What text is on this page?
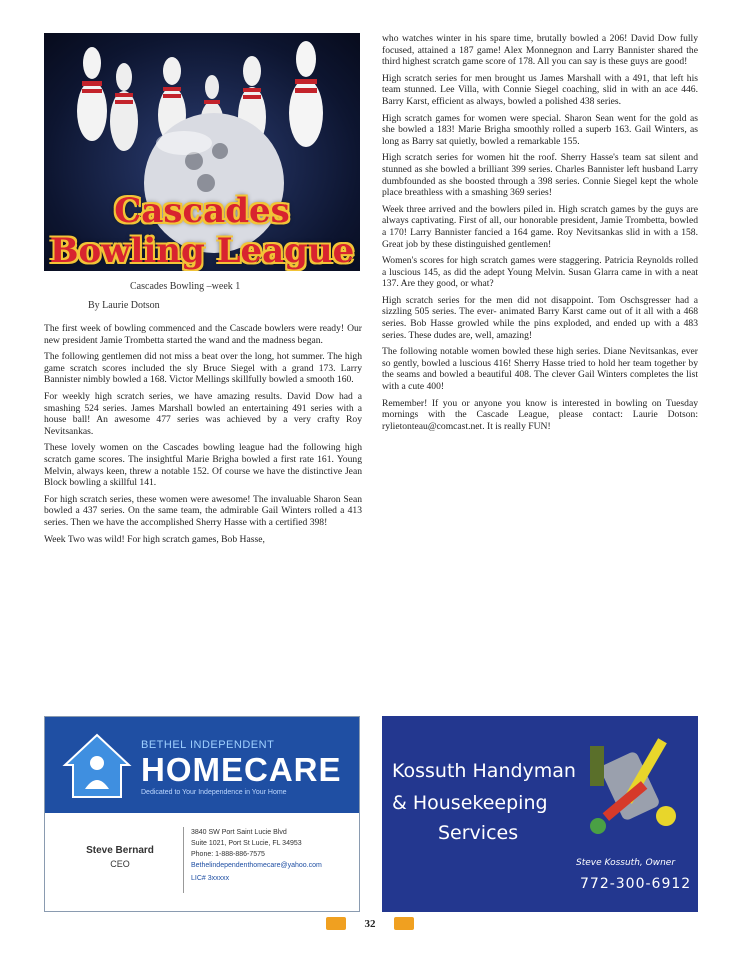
Cascades
Bowling League
Cascades Bowling –week 1
By Laurie Dotson

The first week of bowling commenced and the Cascade bowlers were ready! Our new president Jamie Trombetta started the wand and the madness began.

The following gentlemen did not miss a beat over the long, hot summer. The high game scratch scores included the sly Bruce Siegel with a grand 173. Larry Bannister nimbly bowled a 168. Victor Mellings skillfully bowled a smooth 160.

For weekly high scratch series, we have amazing results. David Dow had a smashing 524 series. James Marshall bowled an entertaining 491 series with a house ball! An awesome 477 series was achieved by a very crafty Roy Nevitsankas.

These lovely women on the Cascades bowling league had the following high scratch game scores. The insightful Marie Brigha bowled a first rate 161. Young Melvin, always keen, threw a notable 152. Of course we have the distinctive Jean Block bowling a skillful 141.

For high scratch series, these women were awesome! The invaluable Sharon Sean bowled a 437 series. On the same team, the admirable Gail Winters rolled a 413 series. Then we have the accomplished Sherry Hasse with a certified 398!

Week Two was wild! For high scratch games, Bob Hasse,

who watches winter in his spare time, brutally bowled a 206! David Dow fully focused, attained a 187 game! Alex Monnegnon and Larry Bannister shared the third highest scratch game score of 178. All you can say is these guys are good!

High scratch series for men brought us James Marshall with a 491, that left his team stunned. Lee Villa, with Connie Siegel coaching, slid in with an ace 446. Barry Karst, efficient as always, bowled a polished 438 series.

High scratch games for women were special. Sharon Sean went for the gold as she bowled a 183! Marie Brigha smoothly rolled a superb 163. Gail Winters, as long as Barry sat quietly, bowled a remarkable 155.

High scratch series for women hit the roof. Sherry Hasse's team sat silent and stunned as she bowled a brilliant 399 series. Charles Bannister left husband Larry dumbfounded as she boosted through a 398 series. Connie Siegel kept the whole place breathless with a smashing 369 series!

Week three arrived and the bowlers piled in. High scratch games by the guys are always captivating. First of all, our honorable president, Jamie Trombetta, bowled a 170! Larry Bannister fancied a 164 game. Roy Nevitsankas slid in with a 158. Great job by these distinguished gentlemen!

Women's scores for high scratch games were staggering. Patricia Reynolds rolled a luscious 145, as did the adept Young Melvin. Susan Glarra came in with a neat 137. Are they good, or what?

High scratch series for the men did not disappoint. Tom Oschsgresser had a sizzling 505 series. The ever- animated Barry Karst came out of it all with a 468 series. Bob Hasse growled while the pins exploded, and ended up with a 483 series. These dudes are, well, amazing!

The following notable women bowled these high series. Diane Nevitsankas, ever so gently, bowled a luscious 416! Sherry Hasse tried to hold her team together by the seams and bowled a beautiful 408. The clever Gail Winters completes the list with a cute 400!

Remember! If you or anyone you know is interested in bowling on Tuesday mornings with the Cascade League, please contact: Laurie Dotson: rylietonteau@comcast.net. It is really FUN!

BETHEL INDEPENDENT
HOMECARE
Dedicated to Your Independence in Your Home
Steve Bernard
CEO
3840 SW Port Saint Lucie Blvd
Suite 1021, Port St Lucie, FL 34953
Phone: 1-888-886-7575
Bethelindependenthomecare@yahoo.com
LIC# 3xxxxx
Kossuth Handyman
& Housekeeping
Services
Steve Kossuth, Owner
772-300-6912
32
